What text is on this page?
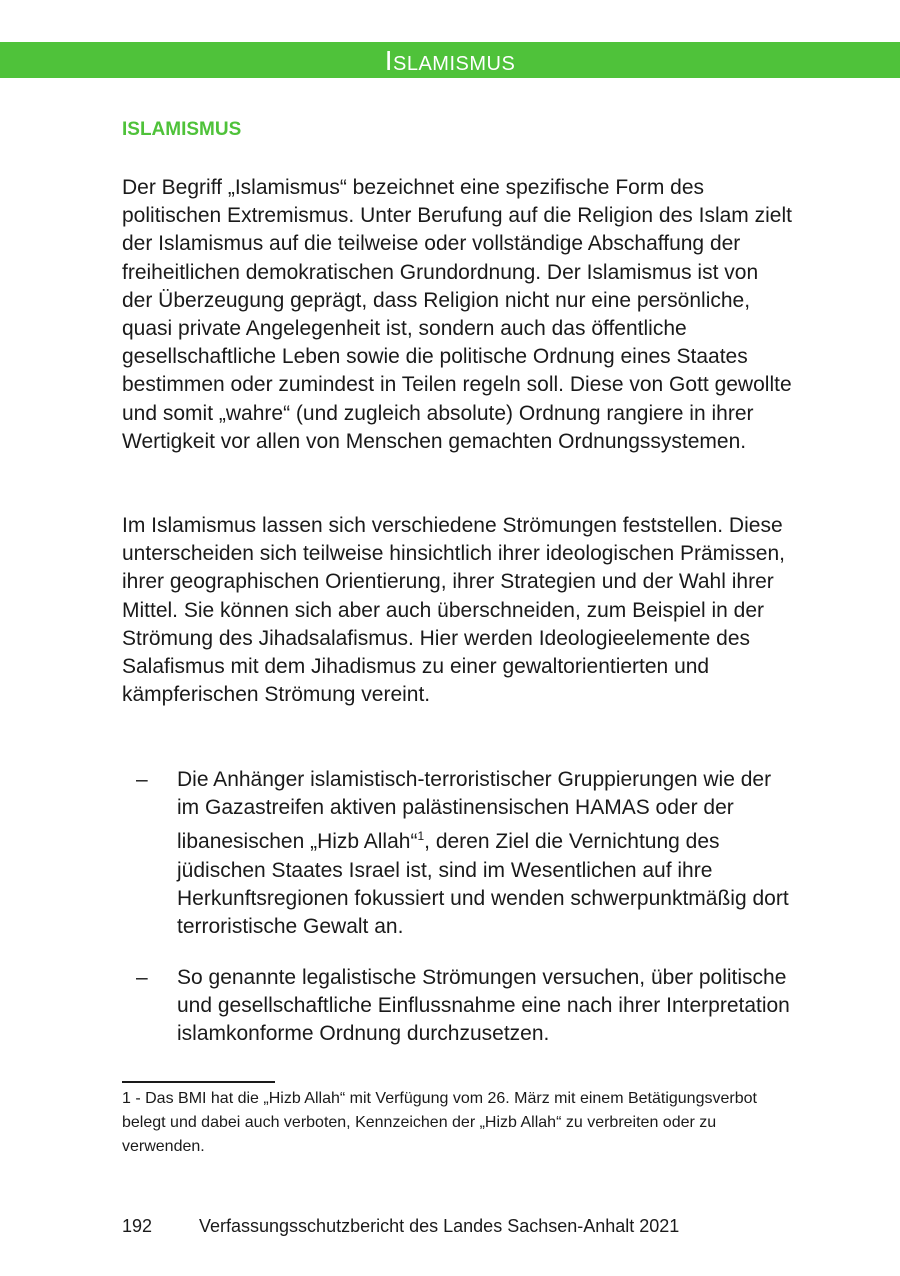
Islamismus
ISLAMISMUS

Der Begriff „Islamismus“ bezeichnet eine spezifische Form des politischen Extremismus. Unter Berufung auf die Religion des Islam zielt der Islamismus auf die teilweise oder vollständige Abschaffung der freiheitlichen demokratischen Grundordnung. Der Islamismus ist von der Überzeugung geprägt, dass Religion nicht nur eine persönliche, quasi private Angelegenheit ist, sondern auch das öffentliche gesellschaftliche Leben sowie die politische Ordnung eines Staates bestimmen oder zumindest in Teilen regeln soll. Diese von Gott gewollte und somit „wahre“ (und zugleich absolute) Ordnung rangiere in ihrer Wertigkeit vor allen von Menschen gemachten Ordnungssystemen.

Im Islamismus lassen sich verschiedene Strömungen feststellen. Diese unterscheiden sich teilweise hinsichtlich ihrer ideologischen Prämissen, ihrer geographischen Orientierung, ihrer Strategien und der Wahl ihrer Mittel. Sie können sich aber auch überschneiden, zum Beispiel in der Strömung des Jihadsalafismus. Hier werden Ideologieelemente des Salafismus mit dem Jihadismus zu einer gewaltorientierten und kämpferischen Strömung vereint.

– Die Anhänger islamistisch-terroristischer Gruppierungen wie der im Gazastreifen aktiven palästinensischen HAMAS oder der libanesischen „Hizb Allah“$^1$, deren Ziel die Vernichtung des jüdischen Staates Israel ist, sind im Wesentlichen auf ihre Herkunftsregionen fokussiert und wenden schwerpunktmäßig dort terroristische Gewalt an.

– So genannte legalistische Strömungen versuchen, über politische und gesellschaftliche Einflussnahme eine nach ihrer Interpretation islamkonforme Ordnung durchzusetzen.

1 - Das BMI hat die „Hizb Allah“ mit Verfügung vom 26. März mit einem Betätigungsverbot belegt und dabei auch verboten, Kennzeichen der „Hizb Allah“ zu verbreiten oder zu verwenden.

192	Verfassungsschutzbericht des Landes Sachsen-Anhalt 2021
